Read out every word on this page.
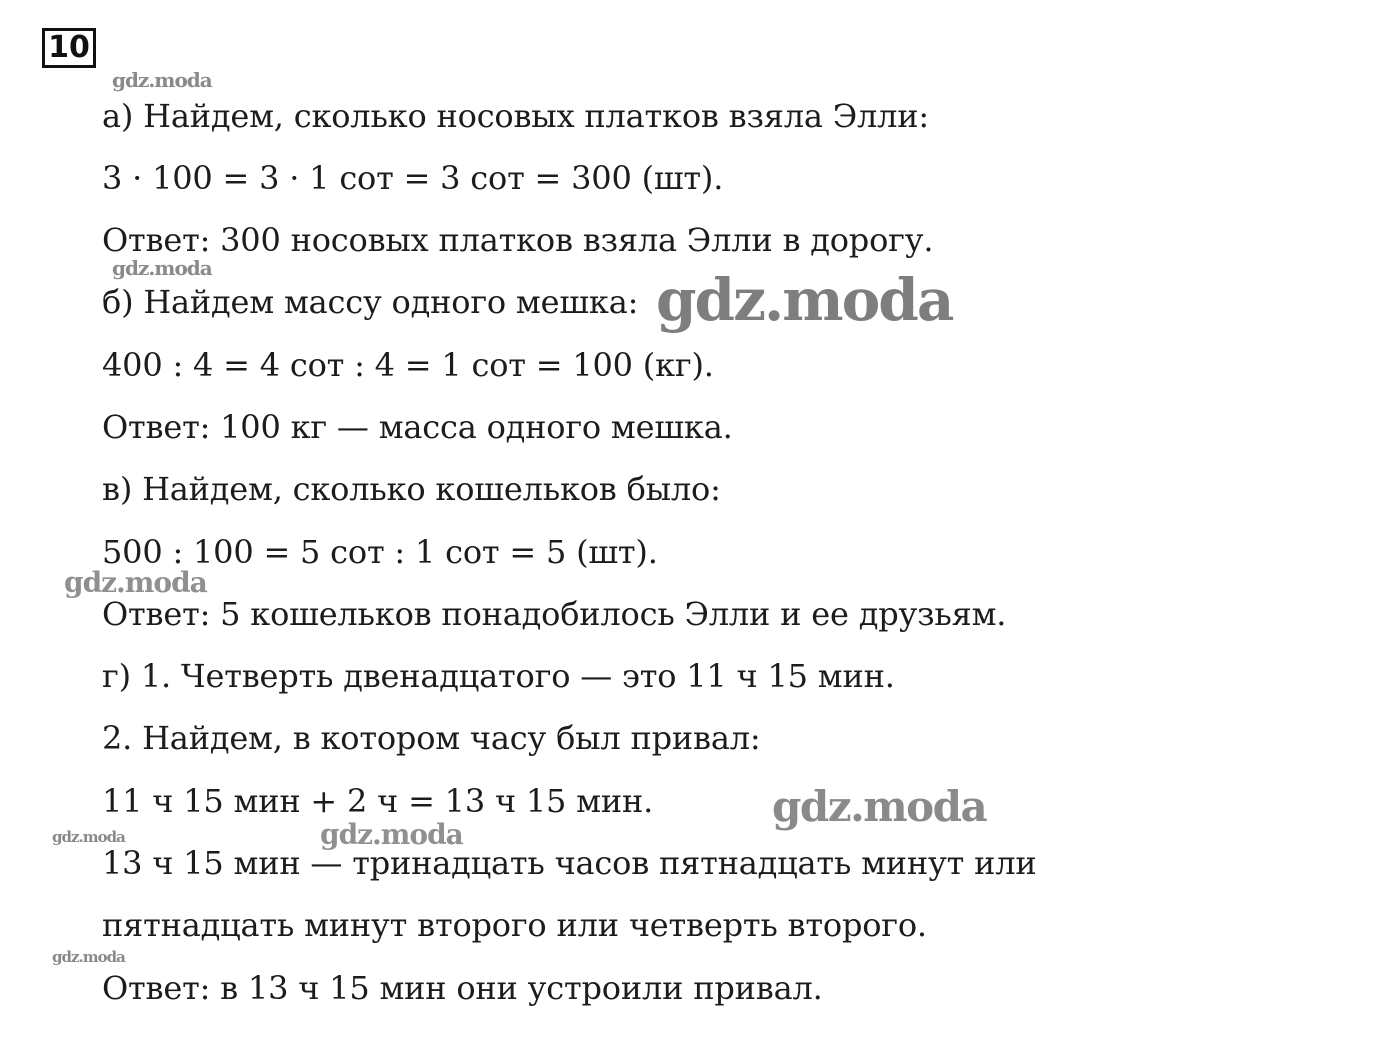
10
а) Найдем, сколько носовых платков взяла Элли:
3 · 100 = 3 · 1 сот = 3 сот = 300 (шт).
Ответ: 300 носовых платков взяла Элли в дорогу.
б) Найдем массу одного мешка:
400 : 4 = 4 сот : 4 = 1 сот = 100 (кг).
Ответ: 100 кг — масса одного мешка.
в) Найдем, сколько кошельков было:
500 : 100 = 5 сот : 1 сот = 5 (шт).
Ответ: 5 кошельков понадобилось Элли и ее друзьям.
г) 1. Четверть двенадцатого — это 11 ч 15 мин.
2. Найдем, в котором часу был привал:
11 ч 15 мин + 2 ч = 13 ч 15 мин.
13 ч 15 мин — тринадцать часов пятнадцать минут или
пятнадцать минут второго или четверть второго.
Ответ: в 13 ч 15 мин они устроили привал.
gdz.moda
gdz.moda	gdz.moda
gdz.moda
gdz.moda
gdz.moda
gdz.moda
gdz.moda
